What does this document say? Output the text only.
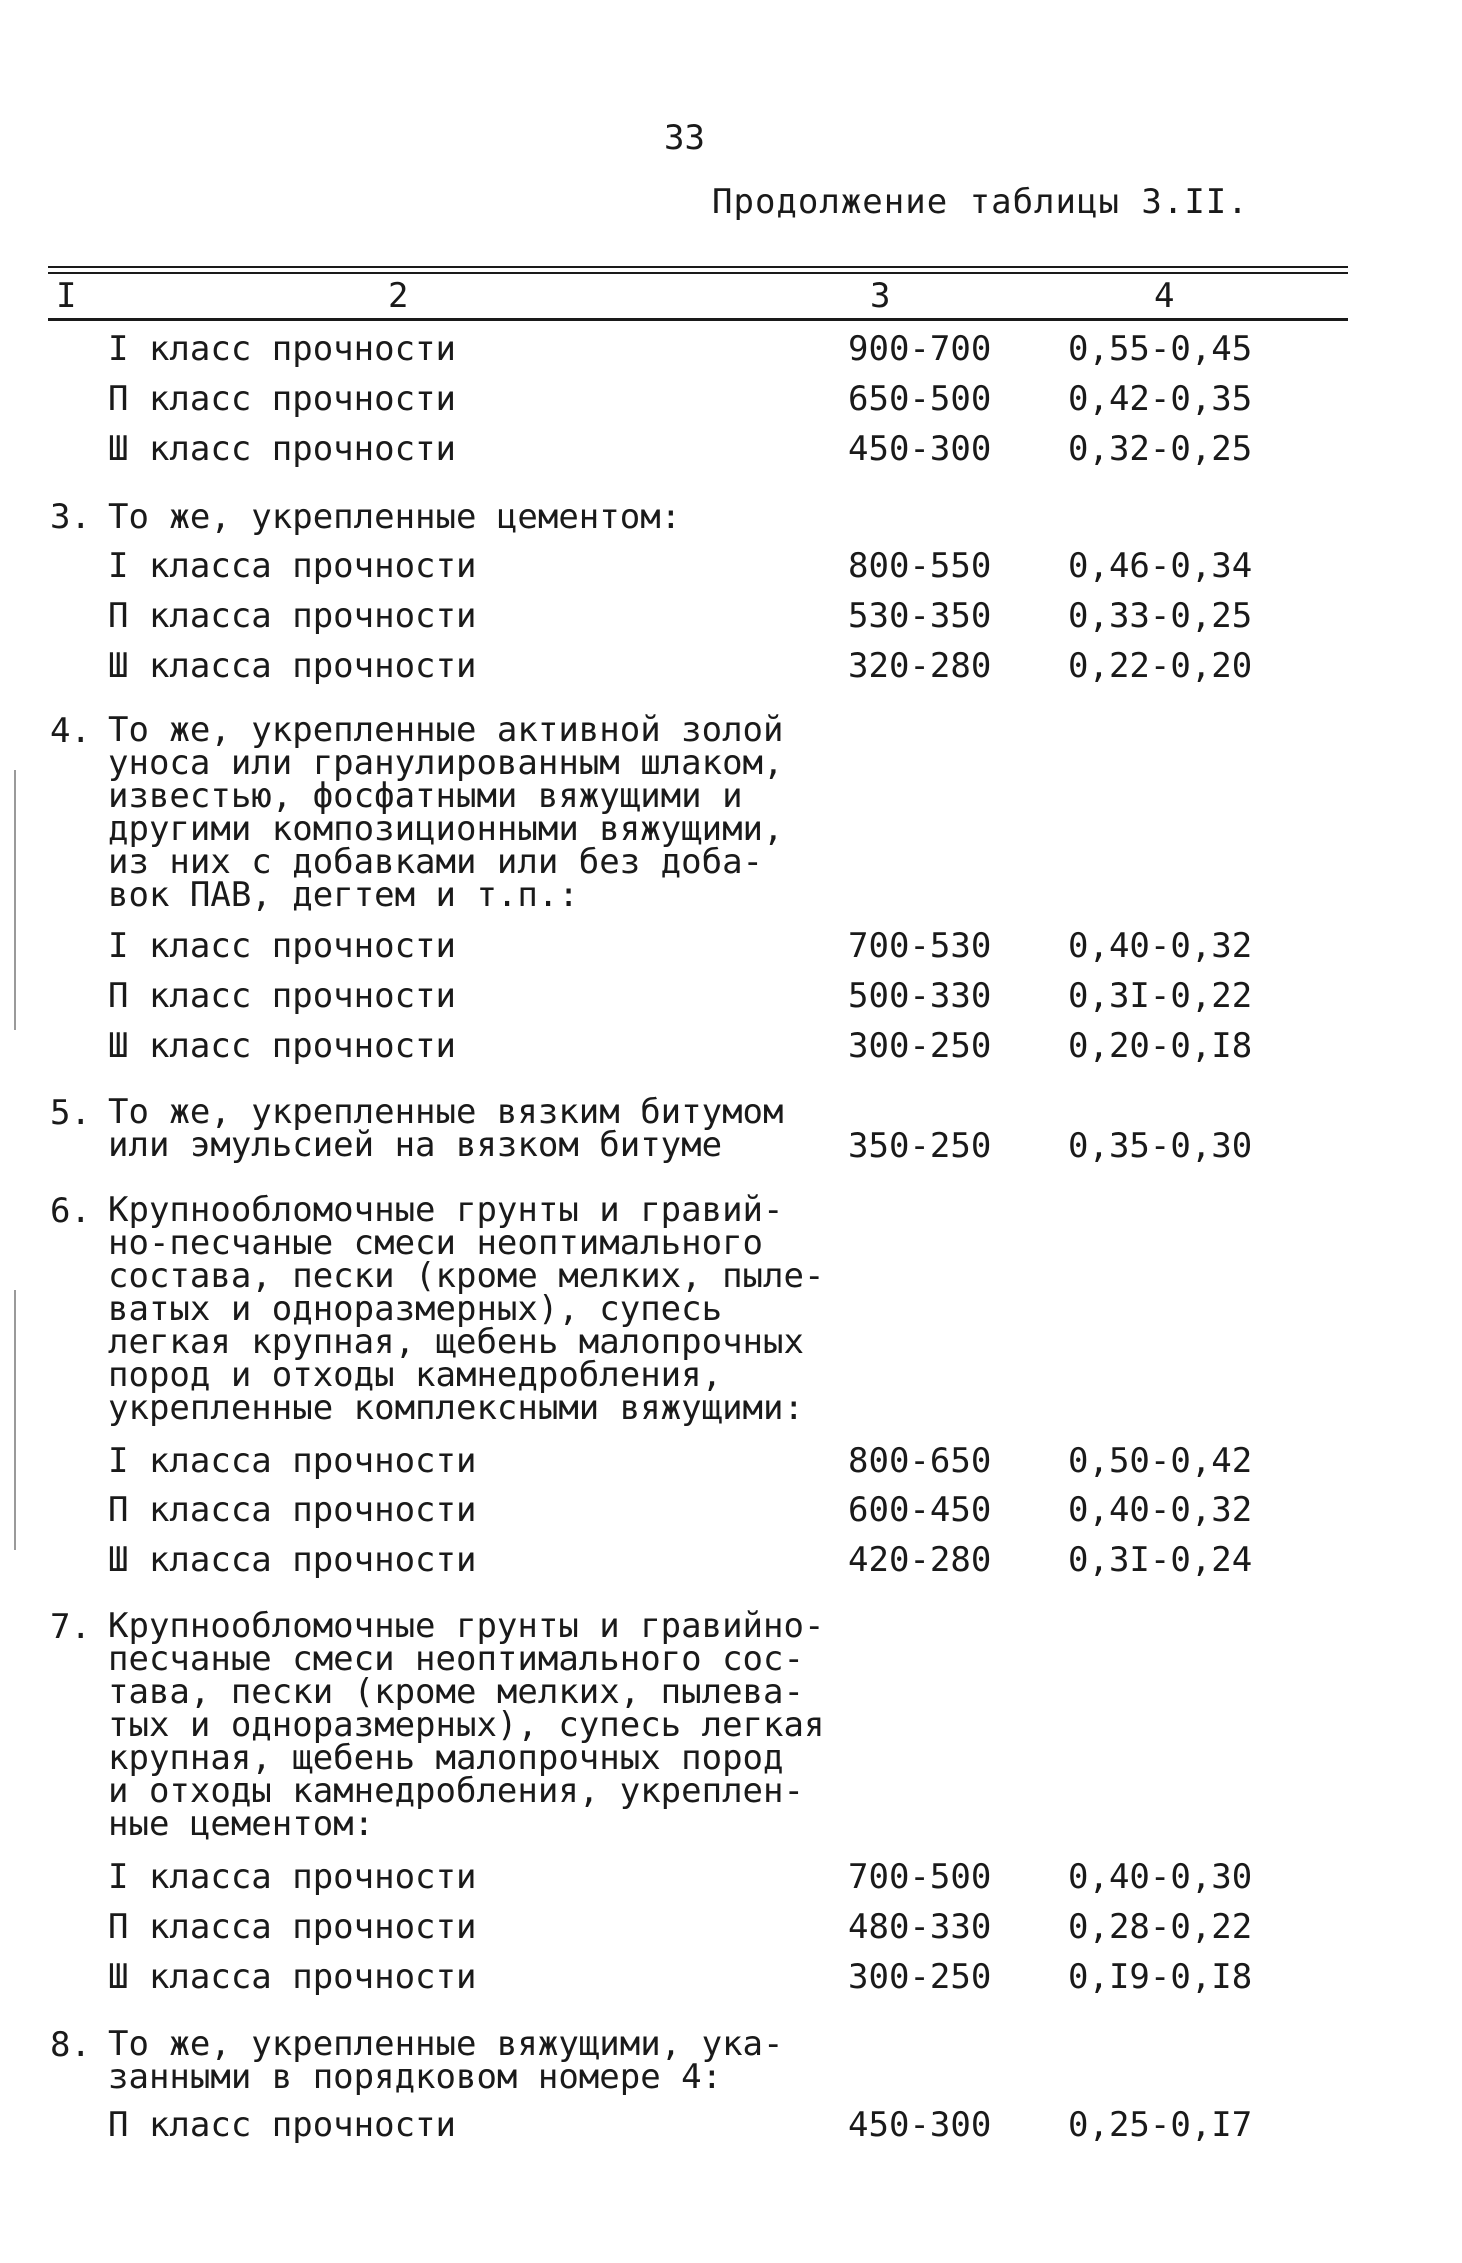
33
Продолжение таблицы 3.II.
I	2	3	4
I класс прочности	900-700 0,55-0,45
П класс прочности	650-500 0,42-0,35
Ш класс прочности	450-300 0,32-0,25
3. То же, укрепленные цементом:
I класса прочности	800-550 0,46-0,34
П класса прочности	530-350 0,33-0,25
Ш класса прочности	320-280 0,22-0,20
4. То же, укрепленные активной золой
уноса или гранулированным шлаком,
известью, фосфатными вяжущими и
другими композиционными вяжущими,
из них с добавками или без доба-
вок ПАВ, дегтем и т.п.:
I класс прочности	700-530 0,40-0,32
П класс прочности	500-330 0,3I-0,22
Ш класс прочности	300-250 0,20-0,I8
5. То же, укрепленные вязким битумом
или эмульсией на вязком битуме	350-250 0,35-0,30
6. Крупнообломочные грунты и гравий-
но-песчаные смеси неоптимального
состава, пески (кроме мелких, пыле-
ватых и одноразмерных), супесь
легкая крупная, щебень малопрочных
пород и отходы камнедробления,
укрепленные комплексными вяжущими:
I класса прочности	800-650 0,50-0,42
П класса прочности	600-450 0,40-0,32
Ш класса прочности	420-280 0,3I-0,24
7. Крупнообломочные грунты и гравийно-
песчаные смеси неоптимального сос-
тава, пески (кроме мелких, пылева-
тых и одноразмерных), супесь легкая
крупная, щебень малопрочных пород
и отходы камнедробления, укреплен-
ные цементом:
I класса прочности	700-500 0,40-0,30
П класса прочности	480-330 0,28-0,22
Ш класса прочности	300-250 0,I9-0,I8
8. То же, укрепленные вяжущими, ука-
занными в порядковом номере 4:
П класс прочности	450-300 0,25-0,I7
